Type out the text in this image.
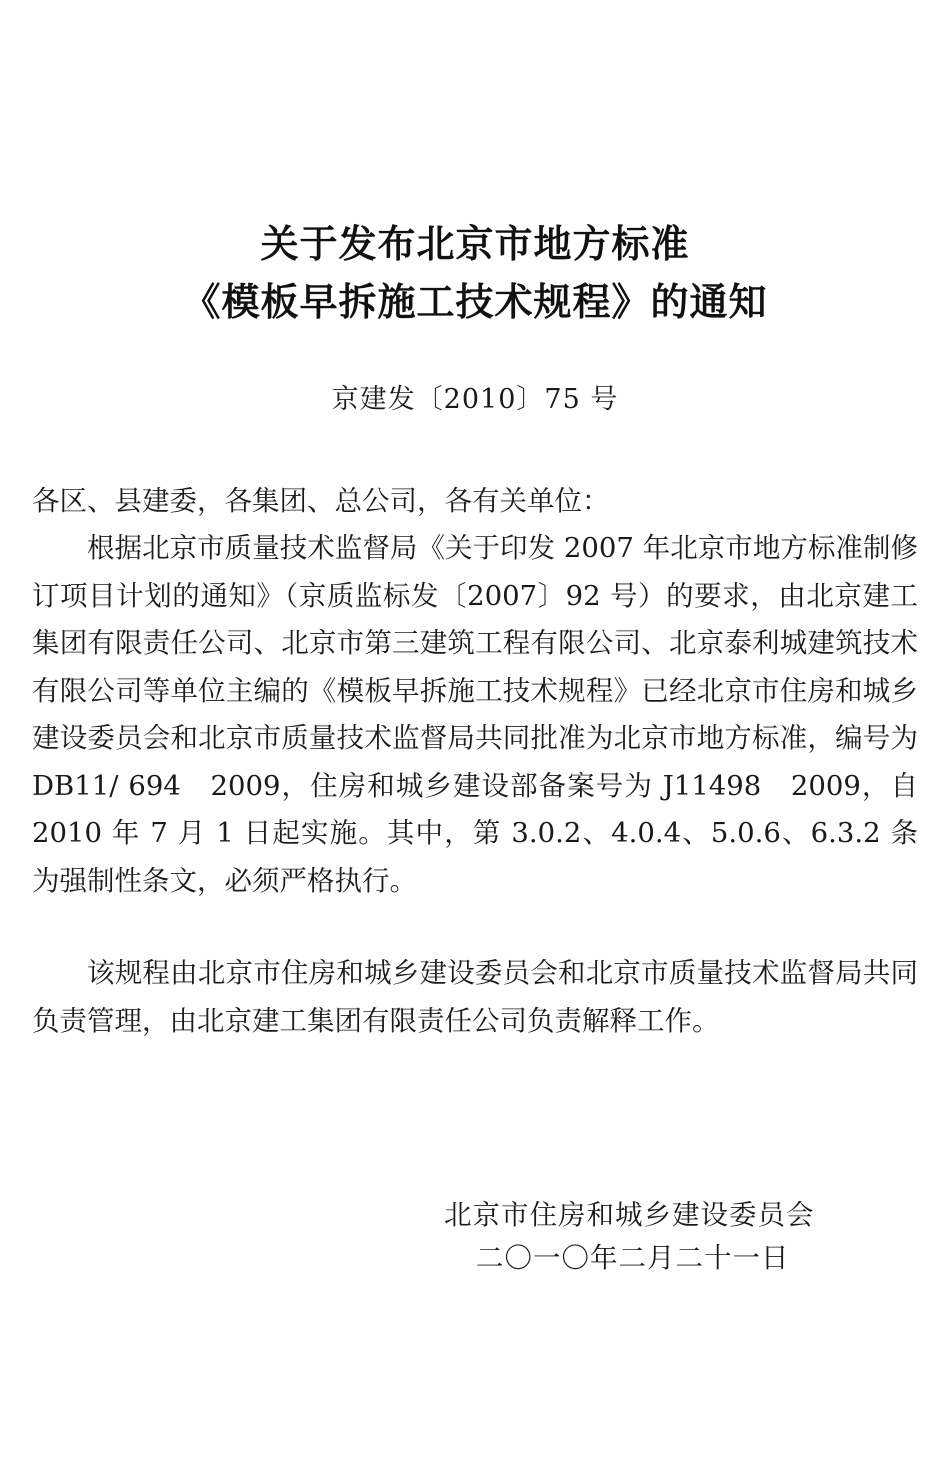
关于发布北京市地方标准
《模板早拆施工技术规程》的通知
京建发〔2010〕75 号
各区、县建委，各集团、总公司，各有关单位：
根据北京市质量技术监督局《关于印发 2007 年北京市地方标准制修订项目计划的通知》（京质监标发〔2007〕92 号）的要求，由北京建工集团有限责任公司、北京市第三建筑工程有限公司、北京泰利城建筑技术有限公司等单位主编的《模板早拆施工技术规程》已经北京市住房和城乡建设委员会和北京市质量技术监督局共同批准为北京市地方标准，编号为 DB11/ 694　2009，住房和城乡建设部备案号为 J11498　2009，自 2010 年 7 月 1 日起实施。其中，第 3.0.2、4.0.4、5.0.6、6.3.2 条为强制性条文，必须严格执行。
该规程由北京市住房和城乡建设委员会和北京市质量技术监督局共同负责管理，由北京建工集团有限责任公司负责解释工作。
北京市住房和城乡建设委员会
二〇一〇年二月二十一日
